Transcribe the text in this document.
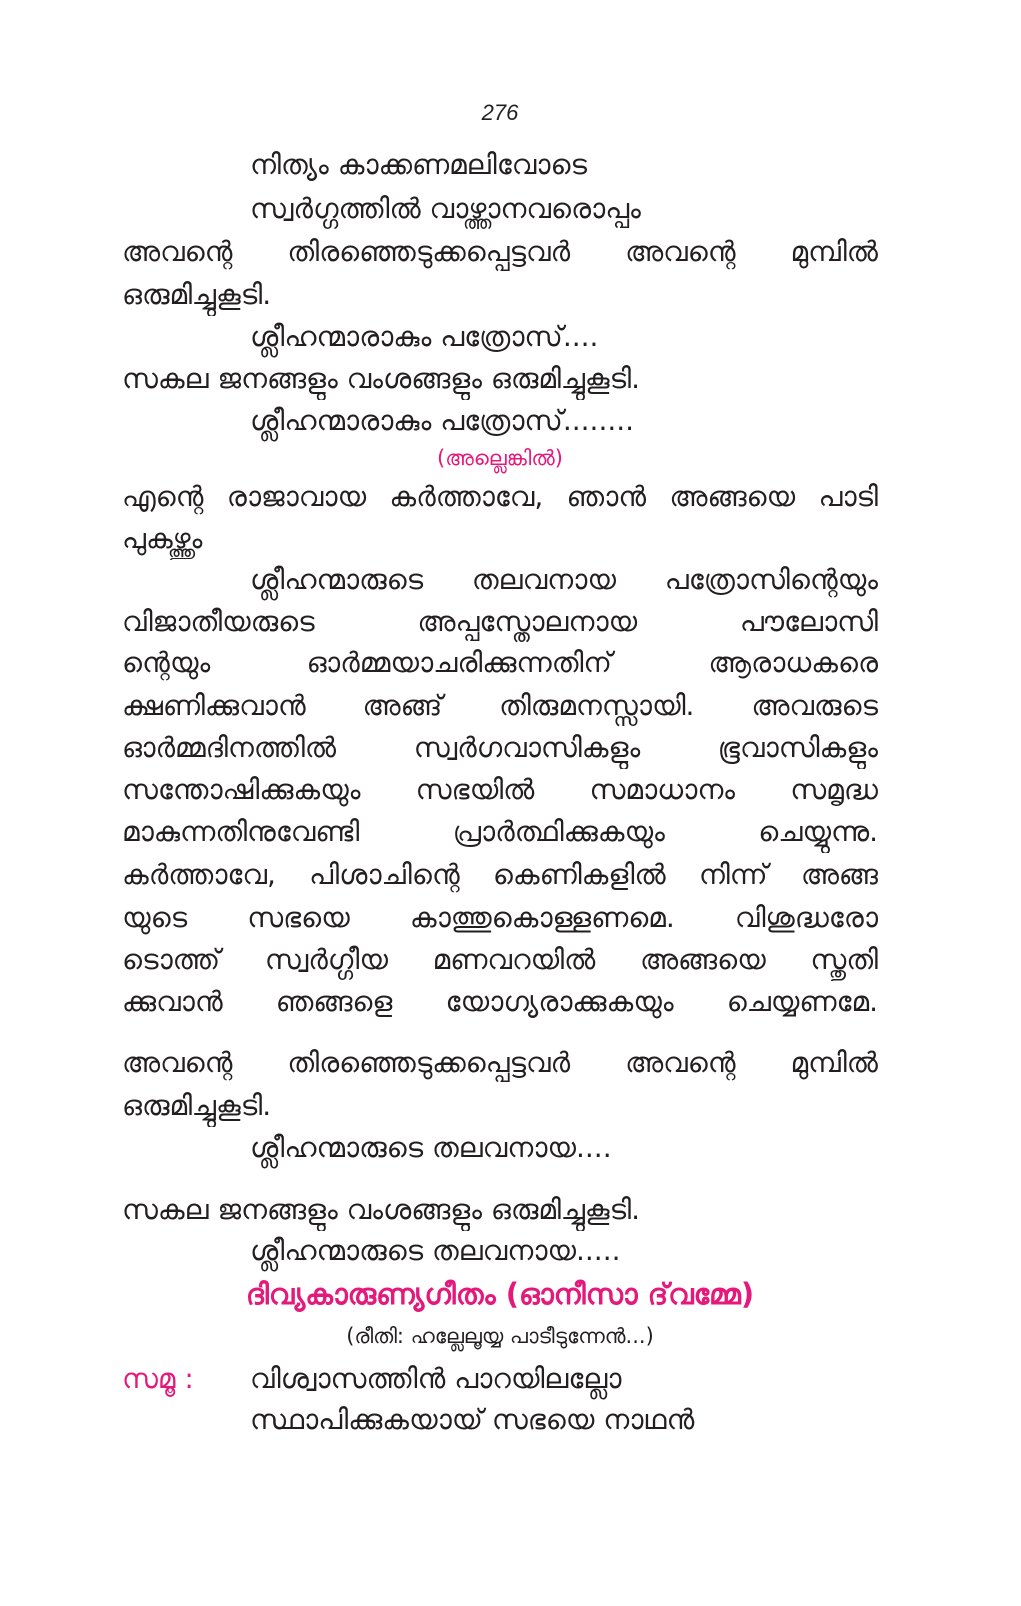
276
നിത്യം കാക്കണമലിവോടെ
സ്വർഗ്ഗത്തിൽ വാഴ്ത്താനവരൊപ്പം
അവന്റെ തിരഞ്ഞെടുക്കപ്പെട്ടവർ അവന്റെ മുമ്പിൽ
ഒരുമിച്ചുകൂടി.
ശ്ലീഹന്മാരാകും പത്രോസ്....
സകല ജനങ്ങളും വംശങ്ങളും ഒരുമിച്ചുകൂടി.
ശ്ലീഹന്മാരാകും പത്രോസ്........
(അല്ലെങ്കിൽ)
എന്റെ രാജാവായ കർത്താവേ, ഞാൻ അങ്ങയെ പാടി
പുകഴ്ത്തും
ശ്ലീഹന്മാരുടെ തലവനായ പത്രോസിന്റെയും
വിജാതീയരുടെ അപ്പസ്തോലനായ പൗലോസി
ന്റെയും ഓർമ്മയാചരിക്കുന്നതിന് ആരാധകരെ
ക്ഷണിക്കുവാൻ അങ്ങ് തിരുമനസ്സായി. അവരുടെ
ഓർമ്മദിനത്തിൽ സ്വർഗവാസികളും ഭൂവാസികളും
സന്തോഷിക്കുകയും സഭയിൽ സമാധാനം സമൃദ്ധ
മാകുന്നതിനുവേണ്ടി പ്രാർത്ഥിക്കുകയും ചെയ്യുന്നു.
കർത്താവേ, പിശാചിന്റെ കെണികളിൽ നിന്ന് അങ്ങ
യുടെ സഭയെ കാത്തുകൊള്ളണമെ. വിശുദ്ധരോ
ടൊത്ത് സ്വർഗ്ഗീയ മണവറയിൽ അങ്ങയെ സ്തുതി
ക്കുവാൻ ഞങ്ങളെ യോഗ്യരാക്കുകയും ചെയ്യണമേ.
അവന്റെ തിരഞ്ഞെടുക്കപ്പെട്ടവർ അവന്റെ മുമ്പിൽ
ഒരുമിച്ചുകൂടി.
ശ്ലീഹന്മാരുടെ തലവനായ....
സകല ജനങ്ങളും വംശങ്ങളും ഒരുമിച്ചുകൂടി.
ശ്ലീഹന്മാരുടെ തലവനായ.....
ദിവ്യകാരുണ്യഗീതം (ഓനീസാ ദ്‌വമ്മേ)
(രീതി: ഹല്ലേലൂയ്യ പാടീടുന്നേൻ...)
സമൂ :	വിശ്വാസത്തിൻ പാറയിലല്ലോ
സ്ഥാപിക്കുകയായ് സഭയെ നാഥൻ
